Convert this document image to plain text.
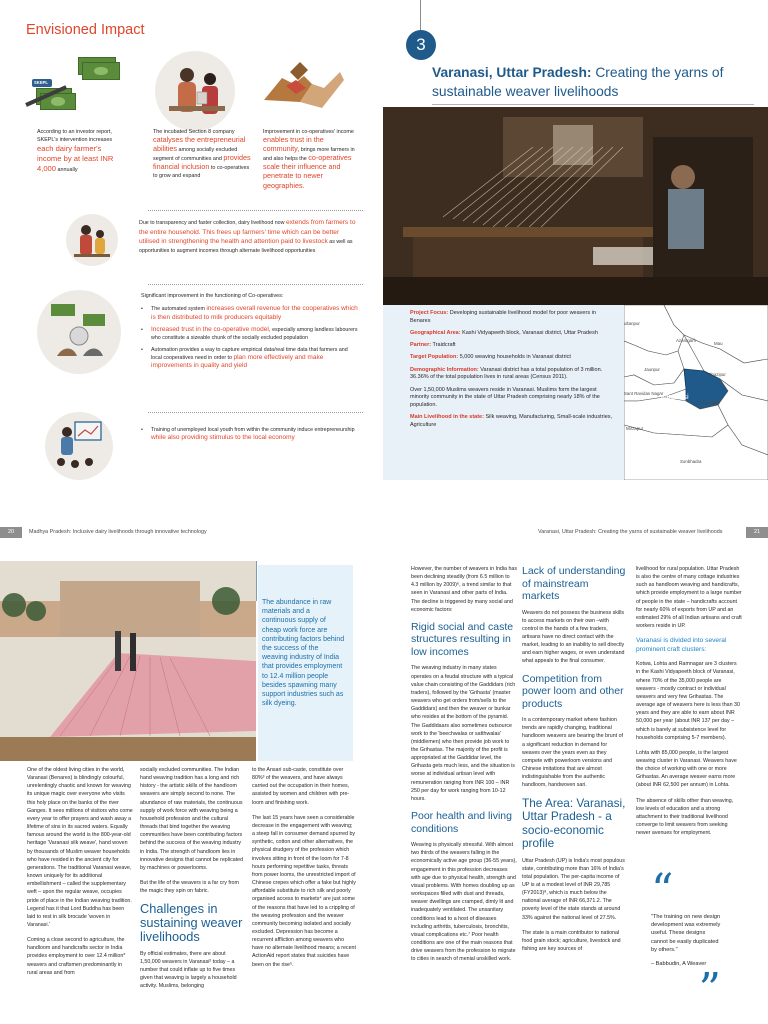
Envisioned Impact
SKEPL
According to an investor report, SKEPL's intervention increases each dairy farmer's income by at least INR 4,000 annually
The incubated Section 8 company catalyses the entrepreneurial abilities among socially excluded segment of communities and provides financial inclusion to co-operatives to grow and expand
Improvement in co-operatives' income enables trust in the community, brings more farmers in and also helps the co-operatives scale their influence and penetrate to newer geographies.
Due to transparency and faster collection, dairy livelihood now extends from farmers to the entire household. This frees up farmers' time which can be better utilised in strengthening the health and attention paid to livestock as well as opportunities to augment incomes through alternate livelihood opportunities
Significant improvement in the functioning of Co-operatives:
• The automated system increases overall revenue for the cooperatives which is then distributed to milk producers equitably
• Increased trust in the co-operative model, especially among landless labourers who constitute a sizeable chunk of the socially excluded population
• Automation provides a way to capture empirical data/real time data that farmers and local cooperatives need in order to plan more effectively and make improvements in quality and yield
• Training of unemployed local youth from within the community induce entrepreneurship while also providing stimulus to the local economy
3
Varanasi, Uttar Pradesh: Creating the yarns of sustainable weaver livelihoods
Project Focus: Developing sustainable livelihood model for poor weavers in Benares
Geographical Area: Kashi Vidyapeeth block, Varanasi district, Uttar Pradesh
Partner: Traidcraft
Target Population: 5,000 weaving households in Varanasi district
Demographic Information: Varanasi district has a total population of 3 million. 36.36% of the total population lives in rural areas (Census 2011).
Over 1,50,000 Muslims weavers reside in Varanasi. Muslims form the largest minority community in the state of Uttar Pradesh comprising nearly 18% of the population.
Main Livelihood in the state: Silk weaving, Manufacturing, Small-scale industries, Agriculture
ultanpur
Azamgarh
Mau
Jaunpur
Ghazipur
Sant Ravidas Nagar
Varanasi
Chandauli
Mirzapur
Sonbhadra
20	Madhya Pradesh: Inclusive dairy livelihoods through innovative technology	Varanasi, Uttar Pradesh: Creating the yarns of sustainable weaver livelihoods	21
The abundance in raw materials and a continuous supply of cheap work force are contributing factors behind the success of the weaving industry of India that provides employment to 12.4 million people besides spawning many support industries such as silk dyeing.

One of the oldest living cities in the world, Varanasi (Benares) is blindingly colourful, unrelentingly chaotic and known for weaving its unique magic over everyone who visits this holy place on the banks of the river Ganges. It sees millions of visitors who come every year to offer prayers and wash away a lifetime of sins in its sacred waters. Equally famous around the world is the 800-year-old heritage 'Varanasi silk weave', hand woven by thousands of Muslim weaver households who have resided in the ancient city for generations. The traditional Varanasi weave, known uniquely for its additional embellishment – called the supplementary weft – upon the regular weave, occupies pride of place in the Indian weaving tradition. Legend has it that Lord Buddha has been laid to rest in silk brocade 'woven in Varanasi.'

Coming a close second to agriculture, the handloom and handicrafts sector in India provides employment to over 12.4 million* weavers and craftsmen predominantly in rural areas and from

socially excluded communities. The Indian hand weaving tradition has a long and rich history - the artistic skills of the handloom weavers are simply second to none. The abundance of raw materials, the continuous supply of work force with weaving being a household profession and the cultural threads that bind together the weaving communities have been contributing factors behind the success of the weaving industry in India. The strength of handloom lies in innovative designs that cannot be replicated by machines or powerlooms.

But the life of the weavers is a far cry from the magic they spin on fabric.

Challenges in sustaining weaver livelihoods

By official estimates, there are about 1,50,000 weavers in Varanasi² today – a number that could inflate up to five times given that weaving is largely a household activity. Muslims, belonging

to the Ansari sub-caste, constitute over 80%³ of the weavers, and have always carried out the occupation in their homes, assisted by women and children with pre-loom and finishing work.

The last 15 years have seen a considerable decrease in the engagement with weaving; a steep fall in consumer demand spurred by synthetic, cotton and other alternatives, the physical drudgery of the profession which involves sitting in front of the loom for 7-8 hours performing repetitive tasks, threats from power looms, the unrestricted import of Chinese crepes which offer a fake but highly affordable substitute to rich silk and poorly organised access to markets⁴ are just some of the reasons that have led to a crippling of the weaving profession and the weaver community becoming isolated and socially excluded. Depression has become a recurrent affliction among weavers who have no alternate livelihood means; a recent ActionAid report states that suicides have been on the rise⁵.

However, the number of weavers in India has been declining steadily (from 6.5 million to 4.3 million by 2009)⁶, a trend similar to that seen in Varanasi and other parts of India. The decline is triggered by many social and economic factors:

Rigid social and caste structures resulting in low incomes

The weaving industry in many states operates on a feudal structure with a typical value chain consisting of the Gaddidars (rich traders), followed by the 'Grihasta' (master weavers who get orders from/sells to the Gaddidars) and then the weaver or bunkar who resides at the bottom of the pyramid. The Gaddidaars also sometimes outsource work to the 'beechwalas or satthwalas' (middlemen) who then provide job work to the Grihastas. The majority of the profit is appropriated at the Gaddidar level, the Grihasta gets much less, and the situation is worse at individual artisan level with remuneration ranging from INR 100 – INR 250 per day for work ranging from 10-12 hours.

Poor health and living conditions

Weaving is physically stressful. With almost two thirds of the weavers falling in the economically active age group (36-55 years), engagement in this profession decreases with age due to physical health, strength and visual problems. With homes doubling up as workspaces filled with dust and threads, weaver dwellings are cramped, dimly lit and inadequately ventilated. The unsanitary conditions lead to a host of diseases including arthritis, tuberculosis, bronchitis, visual complications etc.⁷ Poor health conditions are one of the main reasons that drive weavers from the profession to migrate to cities in search of menial unskilled work.

Lack of understanding of mainstream markets

Weavers do not possess the business skills to access markets on their own –with control in the hands of a few traders, artisans have no direct contact with the market, leading to an inability to sell directly and earn higher wages, or even understand what appeals to the final consumer.

Competition from power loom and other products

In a contemporary market where fashion trends are rapidly changing, traditional handloom weavers are bearing the brunt of a significant reduction in demand for weaves over the years even as they compete with powerloom versions and Chinese imitations that are almost indistinguishable from the authentic handloom, handwoven sari.

The Area: Varanasi, Uttar Pradesh - a socio-economic profile

Uttar Pradesh (UP) is India's most populous state, contributing more than 16% of India's total population. The per-capita income of UP is at a modest level of INR 29,785 (FY2013)⁸, which is much below the national average of INR 66,371.2. The poverty level of the state stands at around 33% against the national level of 27.5%.

The state is a main contributor to national food grain stock; agriculture, livestock and fishing are key sources of

livelihood for rural population. Uttar Pradesh is also the centre of many cottage industries such as handloom weaving and handicrafts, which provide employment to a large number of people in the state – handicrafts account for nearly 60% of exports from UP and an estimated 29% of all Indian artisans and craft workers reside in UP.

Varanasi is divided into several prominent craft clusters:

Kotwa, Lohta and Ramnagar are 3 clusters in the Kashi Vidyapeeth block of Varanasi, where 70% of the 35,000 people are weavers - mostly contract or individual weavers and very few Grihastas. The average age of weavers here is less than 30 years and they are able to earn about INR 50,000 per year (about INR 137 per day – which is barely at subsistence level for households comprising 5-7 members).

Lohta with 85,000 people, is the largest weaving cluster in Varanasi. Weavers have the choice of working with one or more Grihastas. An average weaver earns more (about INR 62,500 per annum) in Lohta.

The absence of skills other than weaving, low levels of education and a strong attachment to their traditional livelihood converge to limit weavers from seeking newer avenues for employment.

“
"The training on new design development was extremely useful. These designs cannot be easily duplicated by others."
– Babbudin, A Weaver
”
